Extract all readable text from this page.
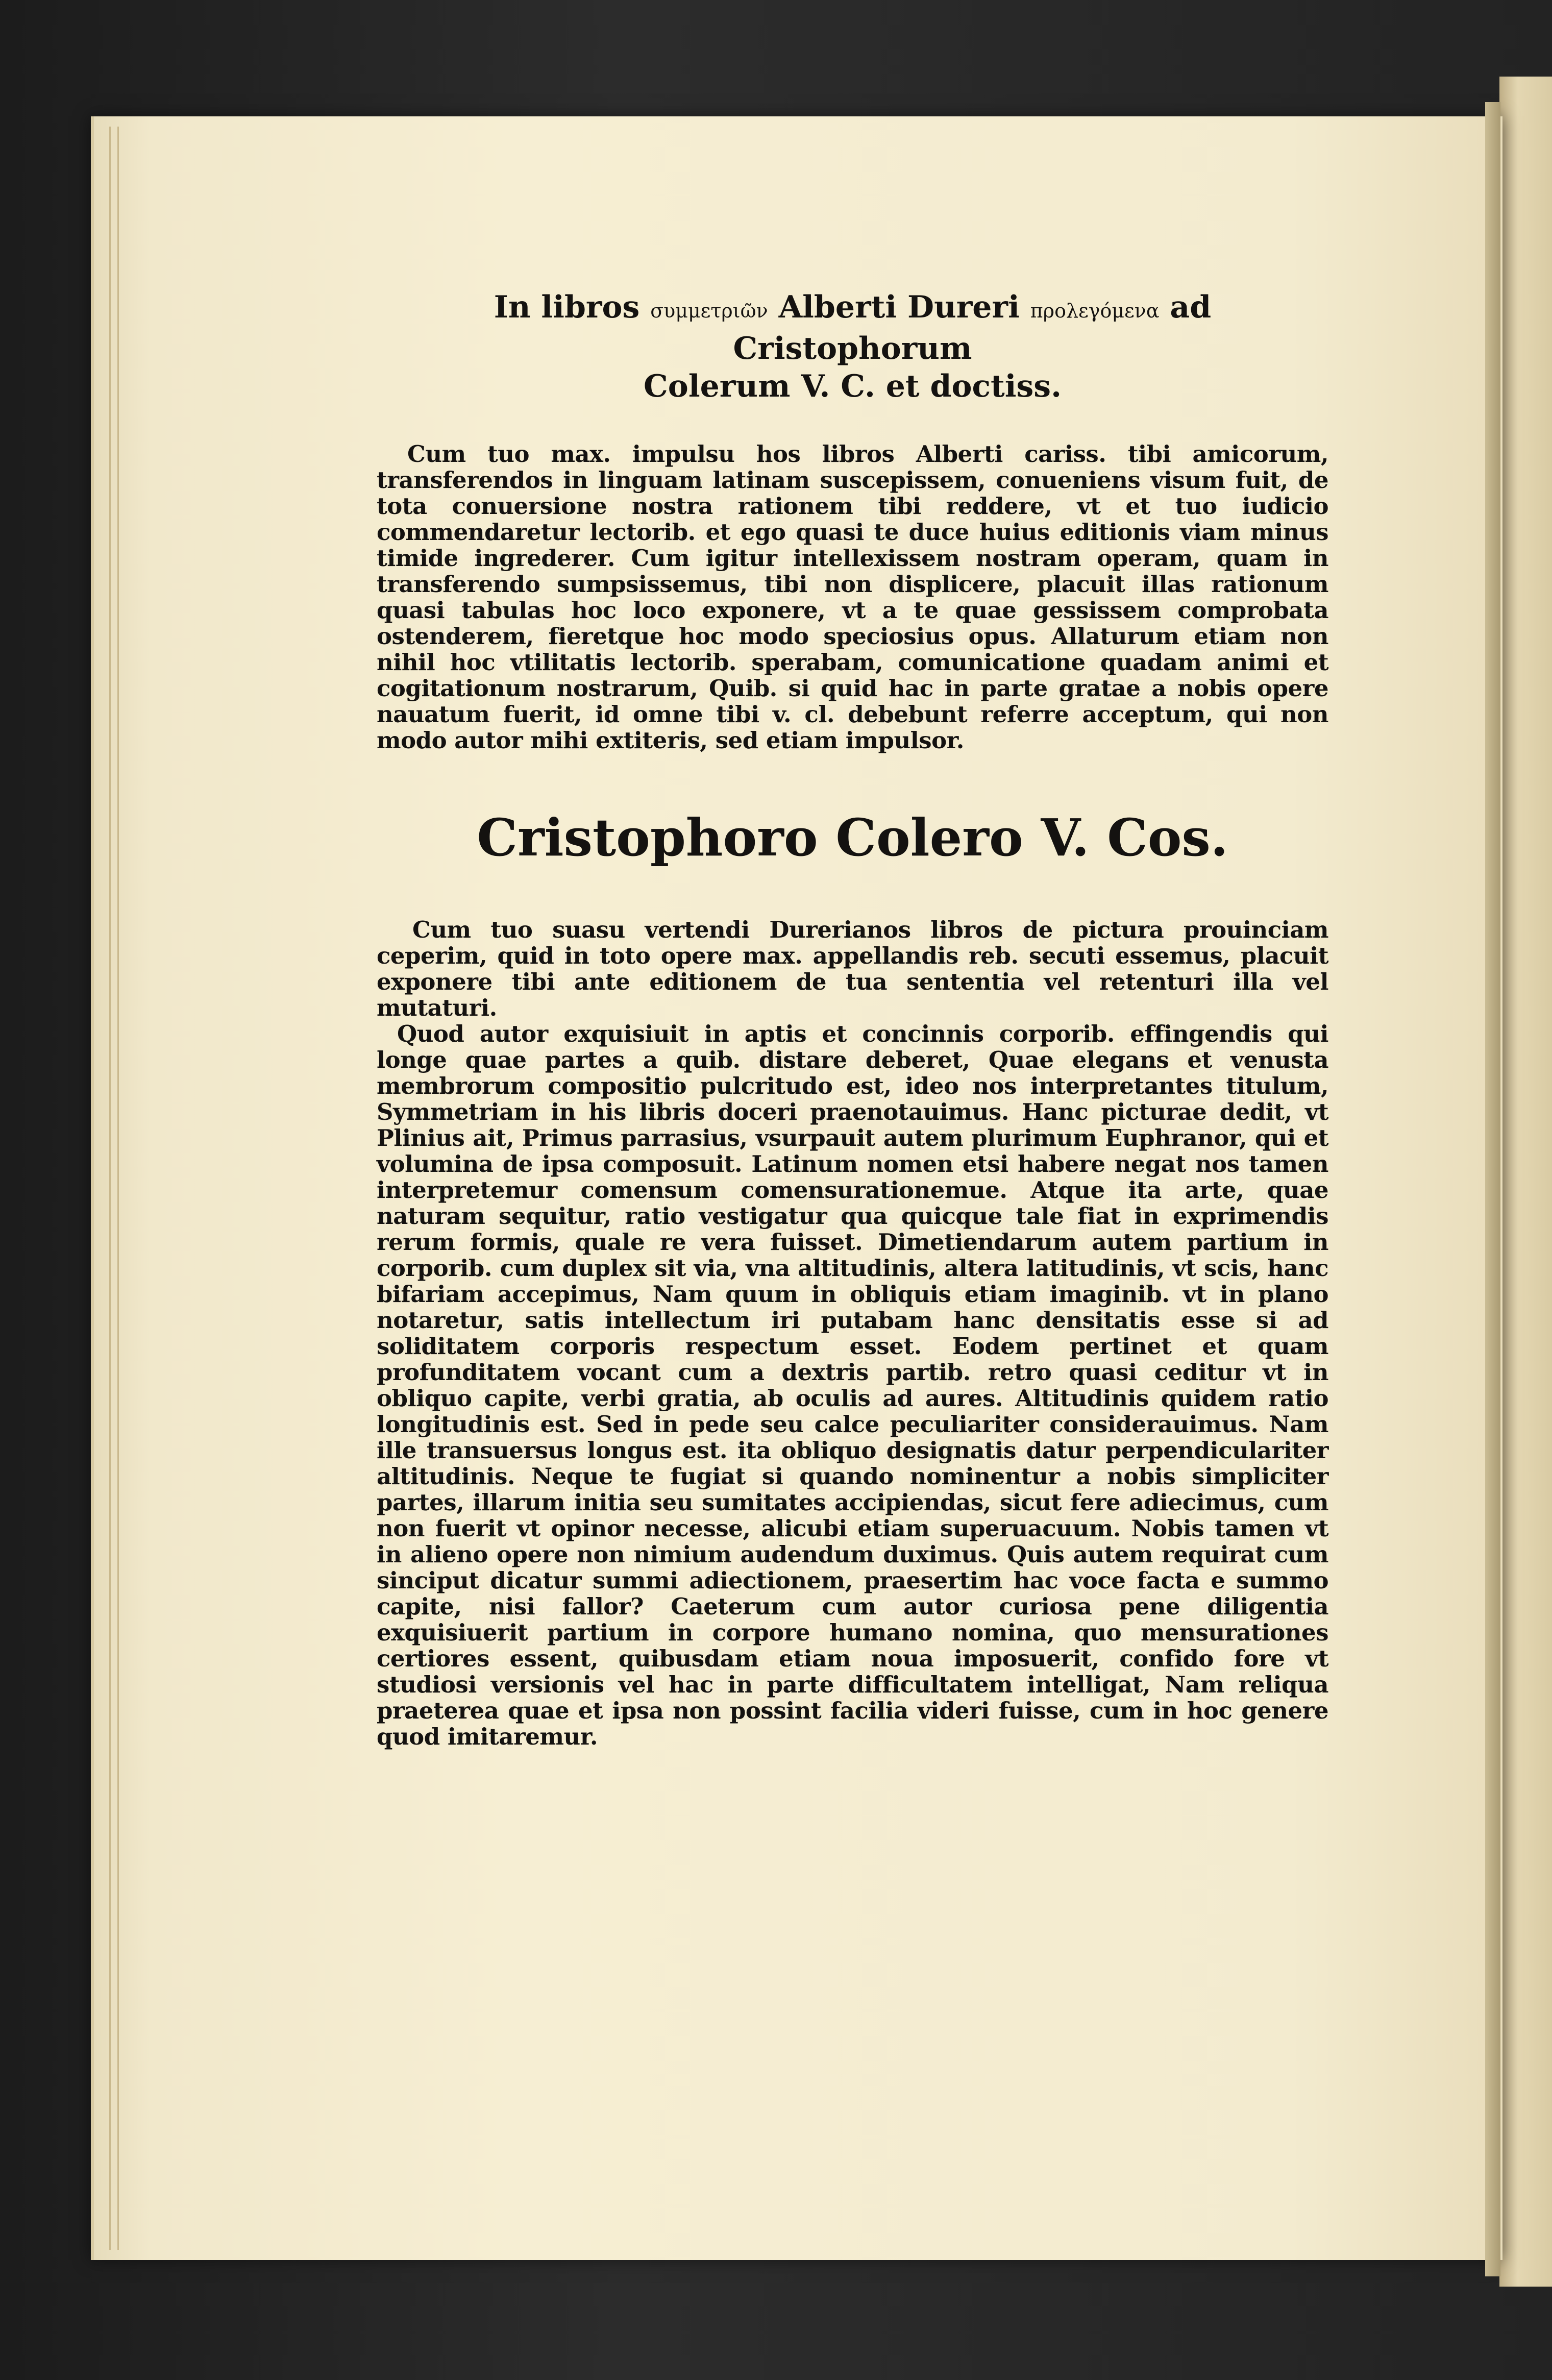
In libros συμμετριῶν Alberti Dureri προλεγόμενα ad Cristophorum
Colerum V. C. et doctiss.

Cum tuo max. impulsu hos libros Alberti cariss. tibi amicorum, transferendos in linguam latinam suscepissem, conueniens visum fuit, de tota conuersione nostra rationem tibi reddere, vt et tuo iudicio commendaretur lectorib. et ego quasi te duce huius editionis viam minus timide ingrederer. Cum igitur intellexissem nostram operam, quam in transferendo sumpsissemus, tibi non displicere, placuit illas rationum quasi tabulas hoc loco exponere, vt a te quae gessissem comprobata ostenderem, fieretque hoc modo speciosius opus. Allaturum etiam non nihil hoc vtilitatis lectorib. sperabam, comunicatione quadam animi et cogitationum nostrarum, Quib. si quid hac in parte gratae a nobis opere nauatum fuerit, id omne tibi v. cl. debebunt referre acceptum, qui non modo autor mihi extiteris, sed etiam impulsor.

Cristophoro Colero V. Cos.

Cum tuo suasu vertendi Durerianos libros de pictura prouinciam ceperim, quid in toto opere max. appellandis reb. secuti essemus, placuit exponere tibi ante editionem de tua sententia vel retenturi illa vel mutaturi.

Quod autor exquisiuit in aptis et concinnis corporib. effingendis qui longe quae partes a quib. distare deberet, Quae elegans et venusta membrorum compositio pulcritudo est, ideo nos interpretantes titulum, Symmetriam in his libris doceri praenotauimus. Hanc picturae dedit, vt Plinius ait, Primus parrasius, vsurpauit autem plurimum Euphranor, qui et volumina de ipsa composuit. Latinum nomen etsi habere negat nos tamen interpretemur comensum comensurationemue. Atque ita arte, quae naturam sequitur, ratio vestigatur qua quicque tale fiat in exprimendis rerum formis, quale re vera fuisset. Dimetiendarum autem partium in corporib. cum duplex sit via, vna altitudinis, altera latitudinis, vt scis, hanc bifariam accepimus, Nam quum in obliquis etiam imaginib. vt in plano notaretur, satis intellectum iri putabam hanc densitatis esse si ad soliditatem corporis respectum esset. Eodem pertinet et quam profunditatem vocant cum a dextris partib. retro quasi ceditur vt in obliquo capite, verbi gratia, ab oculis ad aures. Altitudinis quidem ratio longitudinis est. Sed in pede seu calce peculiariter considerauimus. Nam ille transuersus longus est. ita obliquo designatis datur perpendiculariter altitudinis. Neque te fugiat si quando nominentur a nobis simpliciter partes, illarum initia seu sumitates accipiendas, sicut fere adiecimus, cum non fuerit vt opinor necesse, alicubi etiam superuacuum. Nobis tamen vt in alieno opere non nimium audendum duximus. Quis autem requirat cum sinciput dicatur summi adiectionem, praesertim hac voce facta e summo capite, nisi fallor? Caeterum cum autor curiosa pene diligentia exquisiuerit partium in corpore humano nomina, quo mensurationes certiores essent, quibusdam etiam noua imposuerit, confido fore vt studiosi versionis vel hac in parte difficultatem intelligat, Nam reliqua praeterea quae et ipsa non possint facilia videri fuisse, cum in hoc genere quod imitaremur.
